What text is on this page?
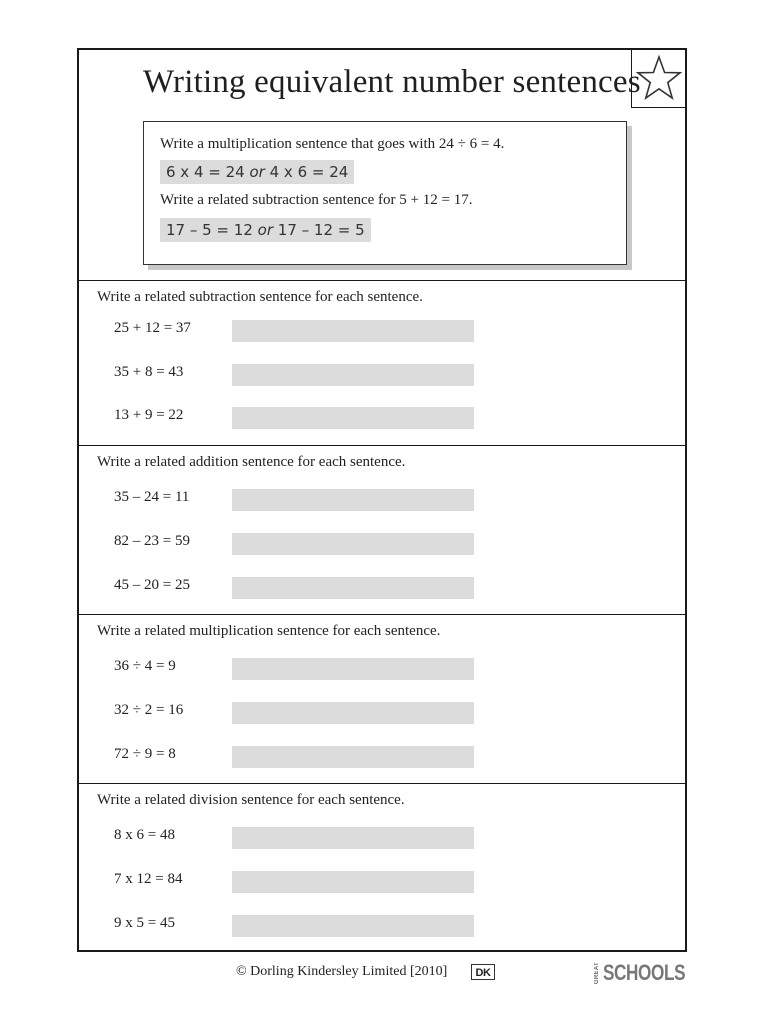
Writing equivalent number sentences
Write a multiplication sentence that goes with 24 ÷ 6 = 4.
6 x 4 = 24 or 4 x 6 = 24
Write a related subtraction sentence for 5 + 12 = 17.
17 – 5 = 12 or 17 – 12 = 5
Write a related subtraction sentence for each sentence.
25 + 12 = 37
35 + 8 = 43
13 + 9 = 22
Write a related addition sentence for each sentence.
35 – 24 = 11
82 – 23 = 59
45 – 20 = 25
Write a related multiplication sentence for each sentence.
36 ÷ 4 = 9
32 ÷ 2 = 16
72 ÷ 9 = 8
Write a related division sentence for each sentence.
8 x 6 = 48
7 x 12 = 84
9 x 5 = 45
© Dorling Kindersley Limited [2010]	DK	GREAT SCHOOLS
